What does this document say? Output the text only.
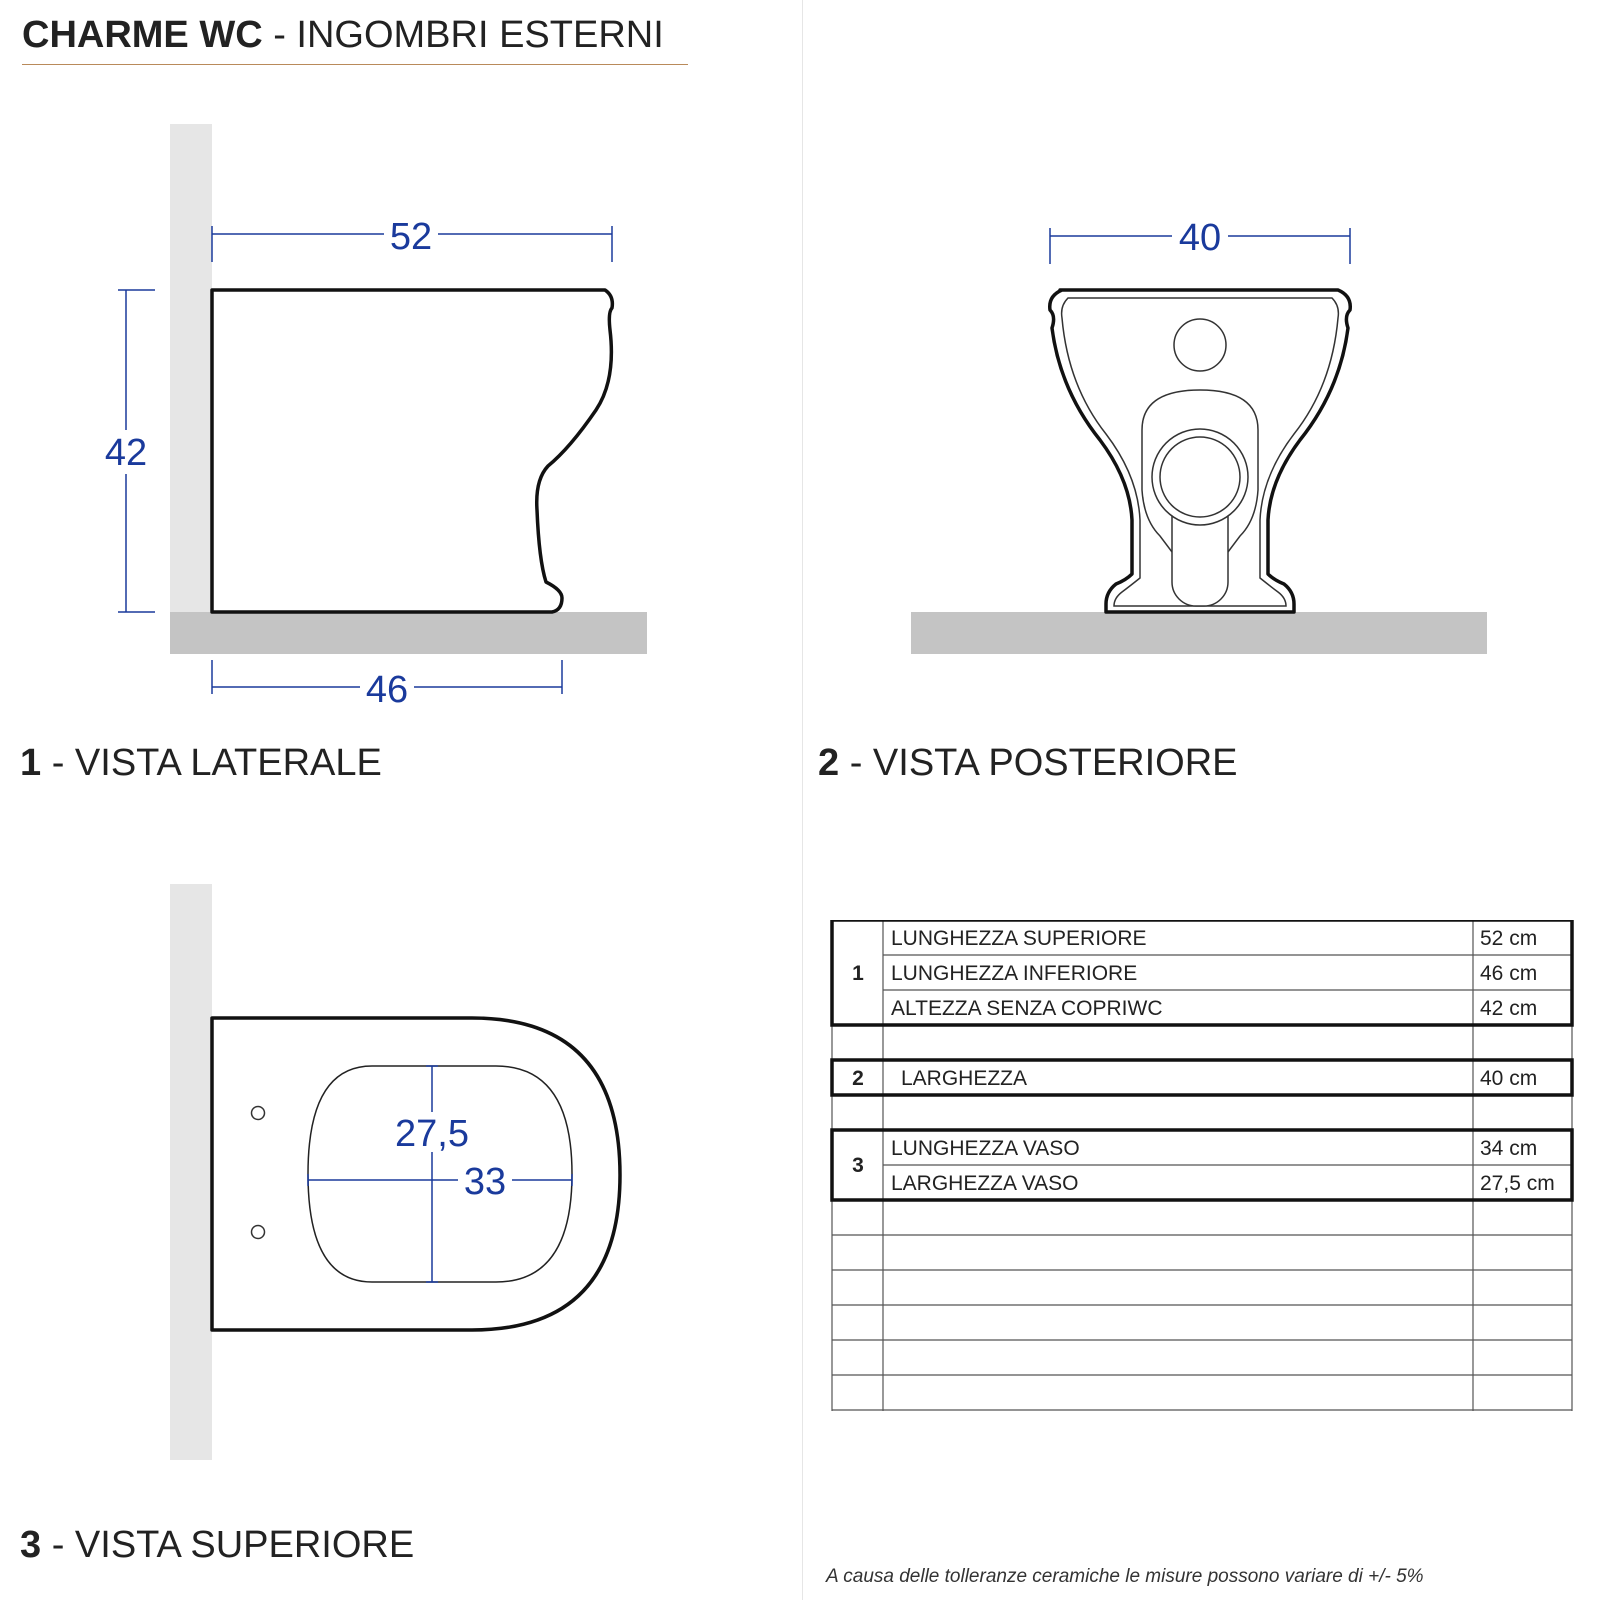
CHARME WC - INGOMBRI ESTERNI
52
42
46
1 - VISTA LATERALE
40
2 - VISTA POSTERIORE
27,5
33
3 - VISTA SUPERIORE
1
LUNGHEZZA SUPERIORE	52 cm
LUNGHEZZA INFERIORE	46 cm
ALTEZZA SENZA COPRIWC	42 cm
2 LARGHEZZA	40 cm
3
LUNGHEZZA VASO	34 cm
LARGHEZZA VASO	27,5 cm
A causa delle tolleranze ceramiche le misure possono variare di +/- 5%
